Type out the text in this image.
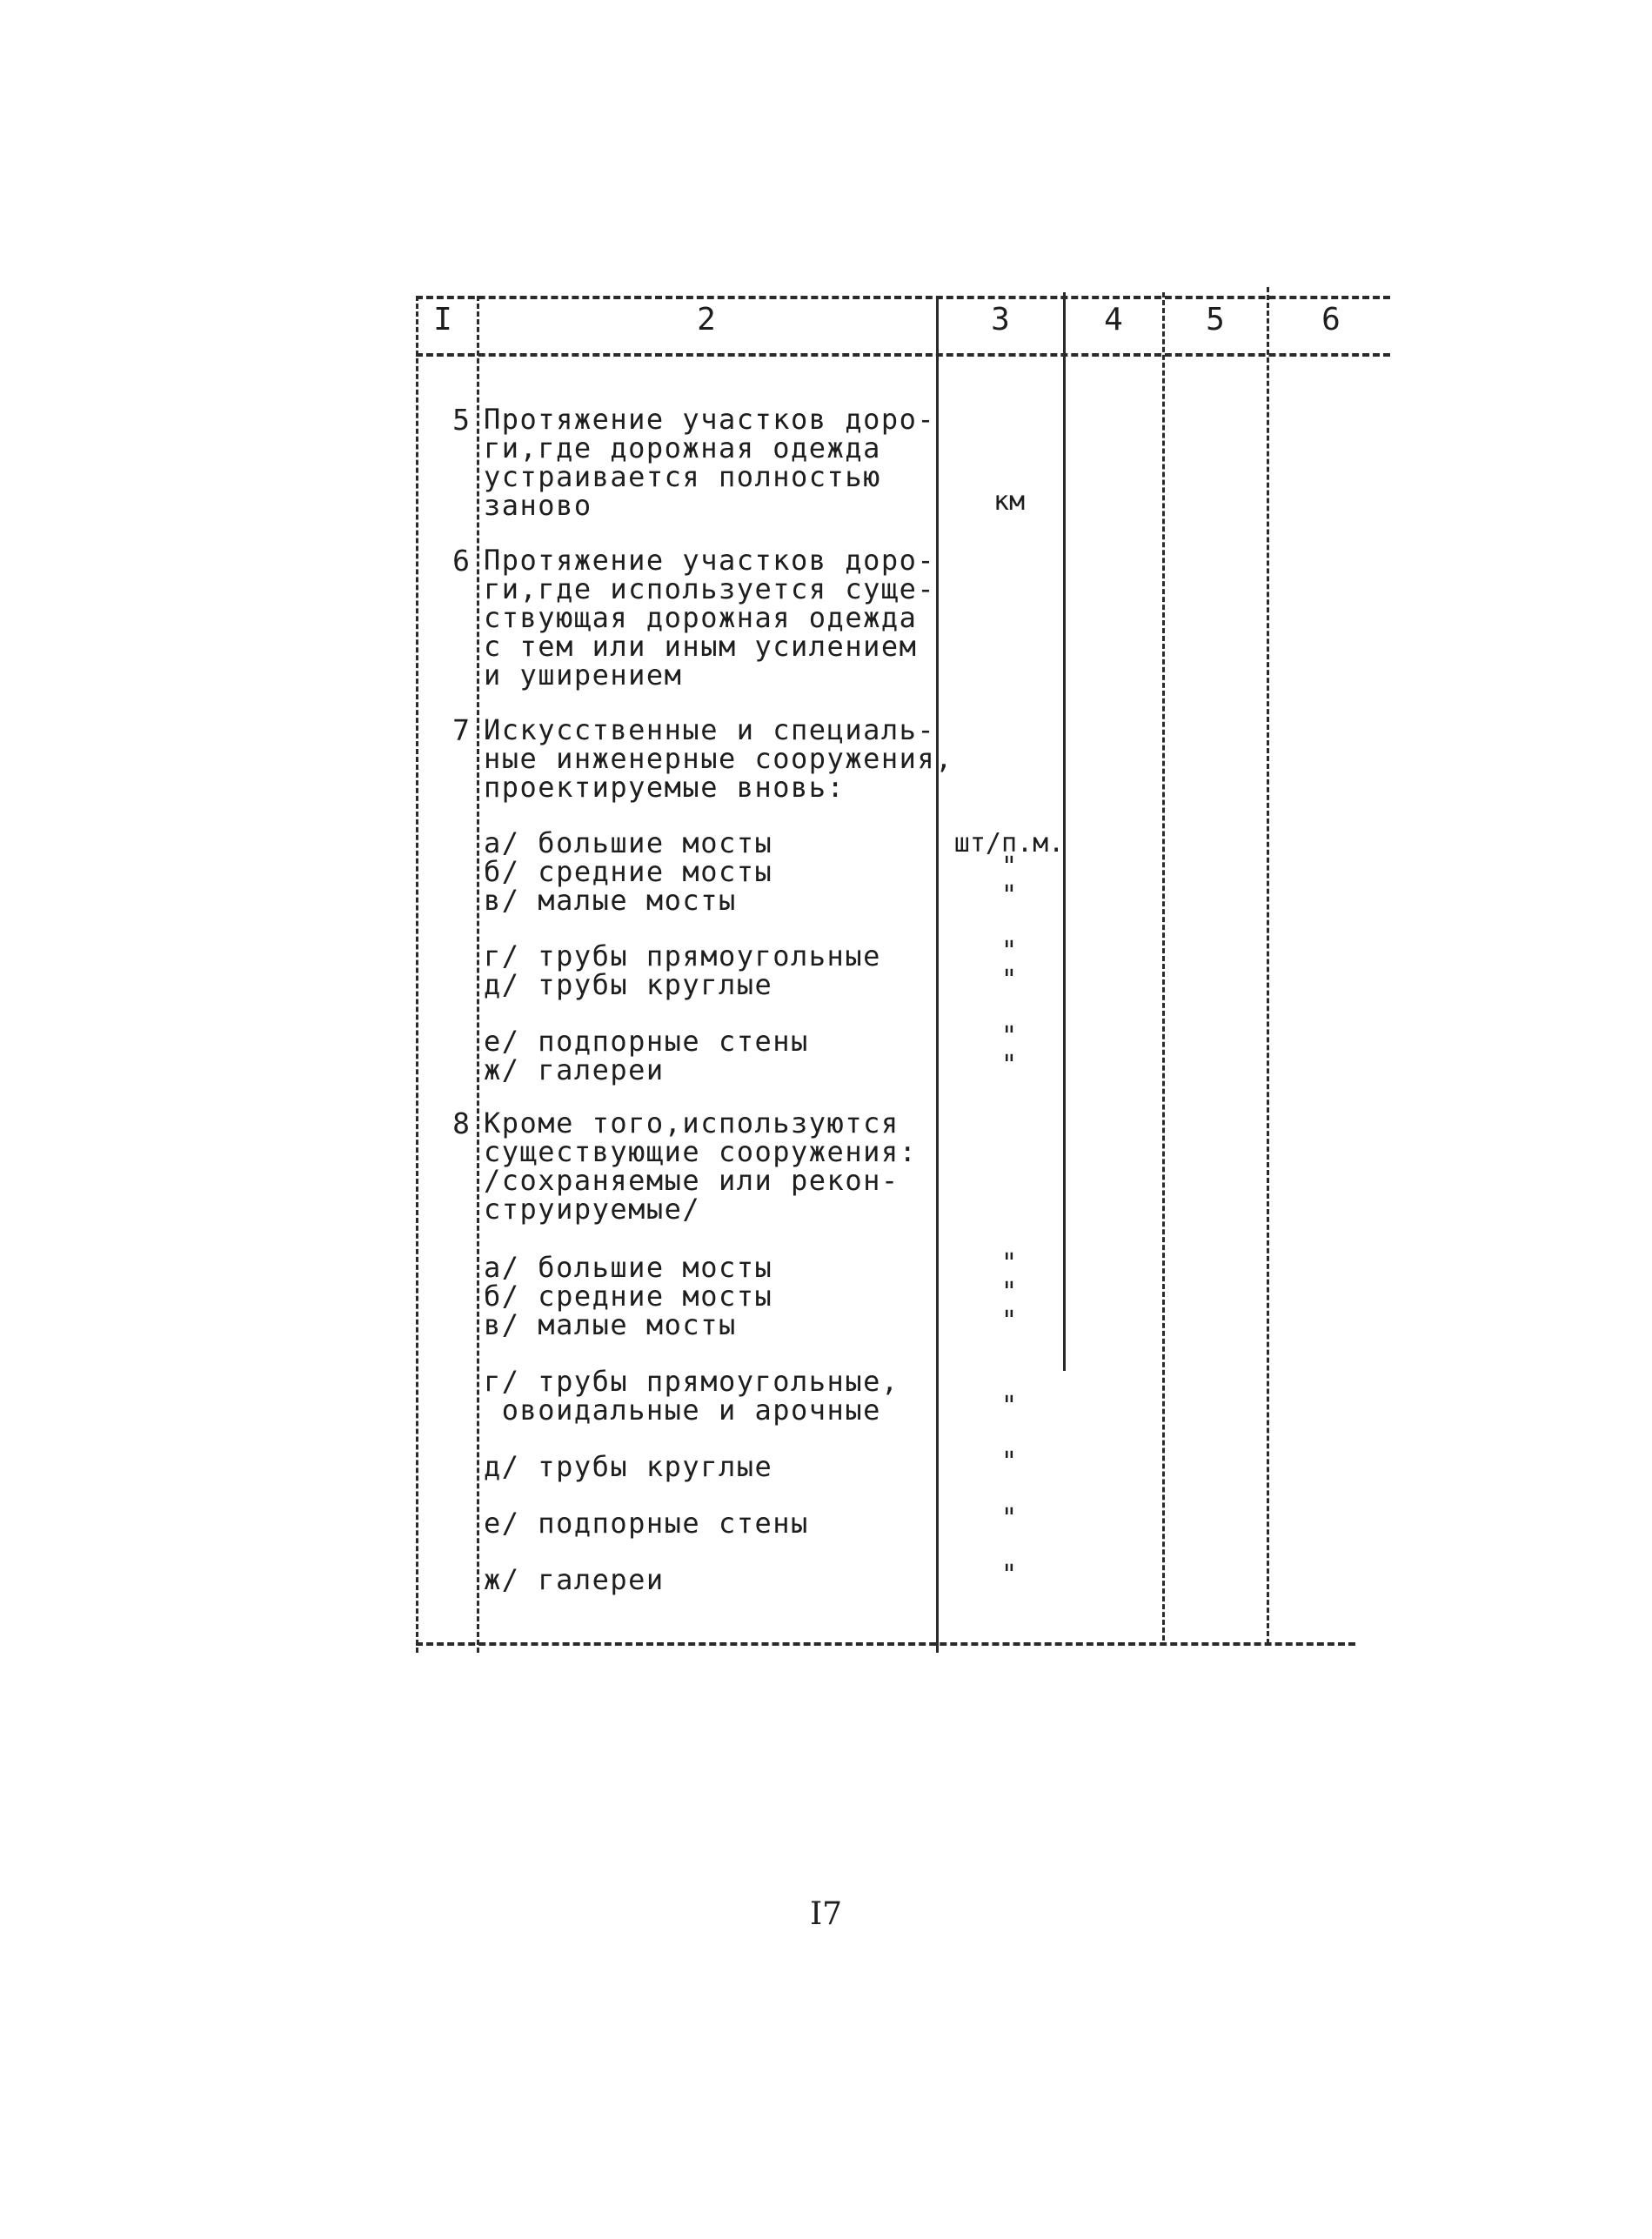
I	2	3	4	5	6
5 Протяжение участков доро-
ги,где дорожная одежда
устраивается полностью
заново	км
6 Протяжение участков доро-
ги,где используется суще-
ствующая дорожная одежда
с тем или иным усилением
и уширением
7 Искусственные и специаль-
ные инженерные сооружения,
проектируемые вновь:
а/ большие мосты	шт/п.м.
б/ средние мосты	"
в/ малые мосты	"
г/ трубы прямоугольные	"
д/ трубы круглые	"
е/ подпорные стены	"
ж/ галереи	"
8 Кроме того,используются
существующие сооружения:
/сохраняемые или рекон-
струируемые/
а/ большие мосты	"
б/ средние мосты	"
в/ малые мосты	"
г/ трубы прямоугольные,
овоидальные и арочные	"
д/ трубы круглые	"
е/ подпорные стены	"
ж/ галереи	"
I7
